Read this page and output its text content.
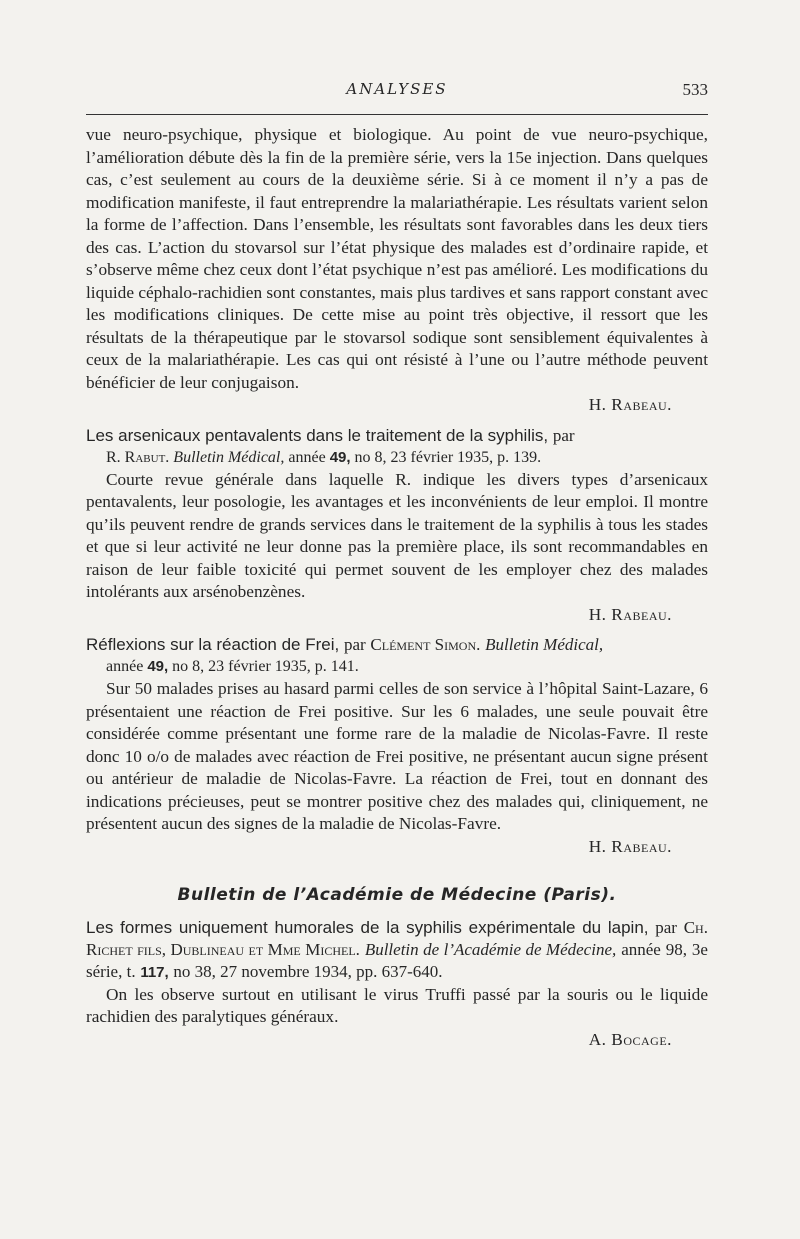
ANALYSES	533

vue neuro-psychique, physique et biologique. Au point de vue neuro-psychique, l’amélioration débute dès la fin de la première série, vers la 15e injection. Dans quelques cas, c’est seulement au cours de la deuxième série. Si à ce moment il n’y a pas de modification manifeste, il faut entreprendre la malariathérapie. Les résultats varient selon la forme de l’affection. Dans l’ensemble, les résultats sont favorables dans les deux tiers des cas. L’action du stovarsol sur l’état physique des malades est d’ordinaire rapide, et s’observe même chez ceux dont l’état psychique n’est pas amélioré. Les modifications du liquide céphalo-rachidien sont constantes, mais plus tardives et sans rapport constant avec les modifications cliniques. De cette mise au point très objective, il ressort que les résultats de la thérapeutique par le stovarsol sodique sont sensiblement équivalentes à ceux de la malariathérapie. Les cas qui ont résisté à l’une ou l’autre méthode peuvent bénéficier de leur conjugaison.

H. Rabeau.

Les arsenicaux pentavalents dans le traitement de la syphilis, par

R. Rabut. Bulletin Médical, année 49, no 8, 23 février 1935, p. 139.

Courte revue générale dans laquelle R. indique les divers types d’arsenicaux pentavalents, leur posologie, les avantages et les inconvénients de leur emploi. Il montre qu’ils peuvent rendre de grands services dans le traitement de la syphilis à tous les stades et que si leur activité ne leur donne pas la première place, ils sont recommandables en raison de leur faible toxicité qui permet souvent de les employer chez des malades intolérants aux arsénobenzènes.

H. Rabeau.

Réflexions sur la réaction de Frei, par Clément Simon. Bulletin Médical,

année 49, no 8, 23 février 1935, p. 141.

Sur 50 malades prises au hasard parmi celles de son service à l’hôpital Saint-Lazare, 6 présentaient une réaction de Frei positive. Sur les 6 malades, une seule pouvait être considérée comme présentant une forme rare de la maladie de Nicolas-Favre. Il reste donc 10 o/o de malades avec réaction de Frei positive, ne présentant aucun signe présent ou antérieur de maladie de Nicolas-Favre. La réaction de Frei, tout en donnant des indications précieuses, peut se montrer positive chez des malades qui, cliniquement, ne présentent aucun des signes de la maladie de Nicolas-Favre.

H. Rabeau.

Bulletin de l’Académie de Médecine (Paris).

Les formes uniquement humorales de la syphilis expérimentale du lapin, par Ch. Richet fils, Dublineau et Mme Michel. Bulletin de l’Académie de Médecine, année 98, 3e série, t. 117, no 38, 27 novembre 1934, pp. 637-640.

On les observe surtout en utilisant le virus Truffi passé par la souris ou le liquide rachidien des paralytiques généraux.

A. Bocage.
